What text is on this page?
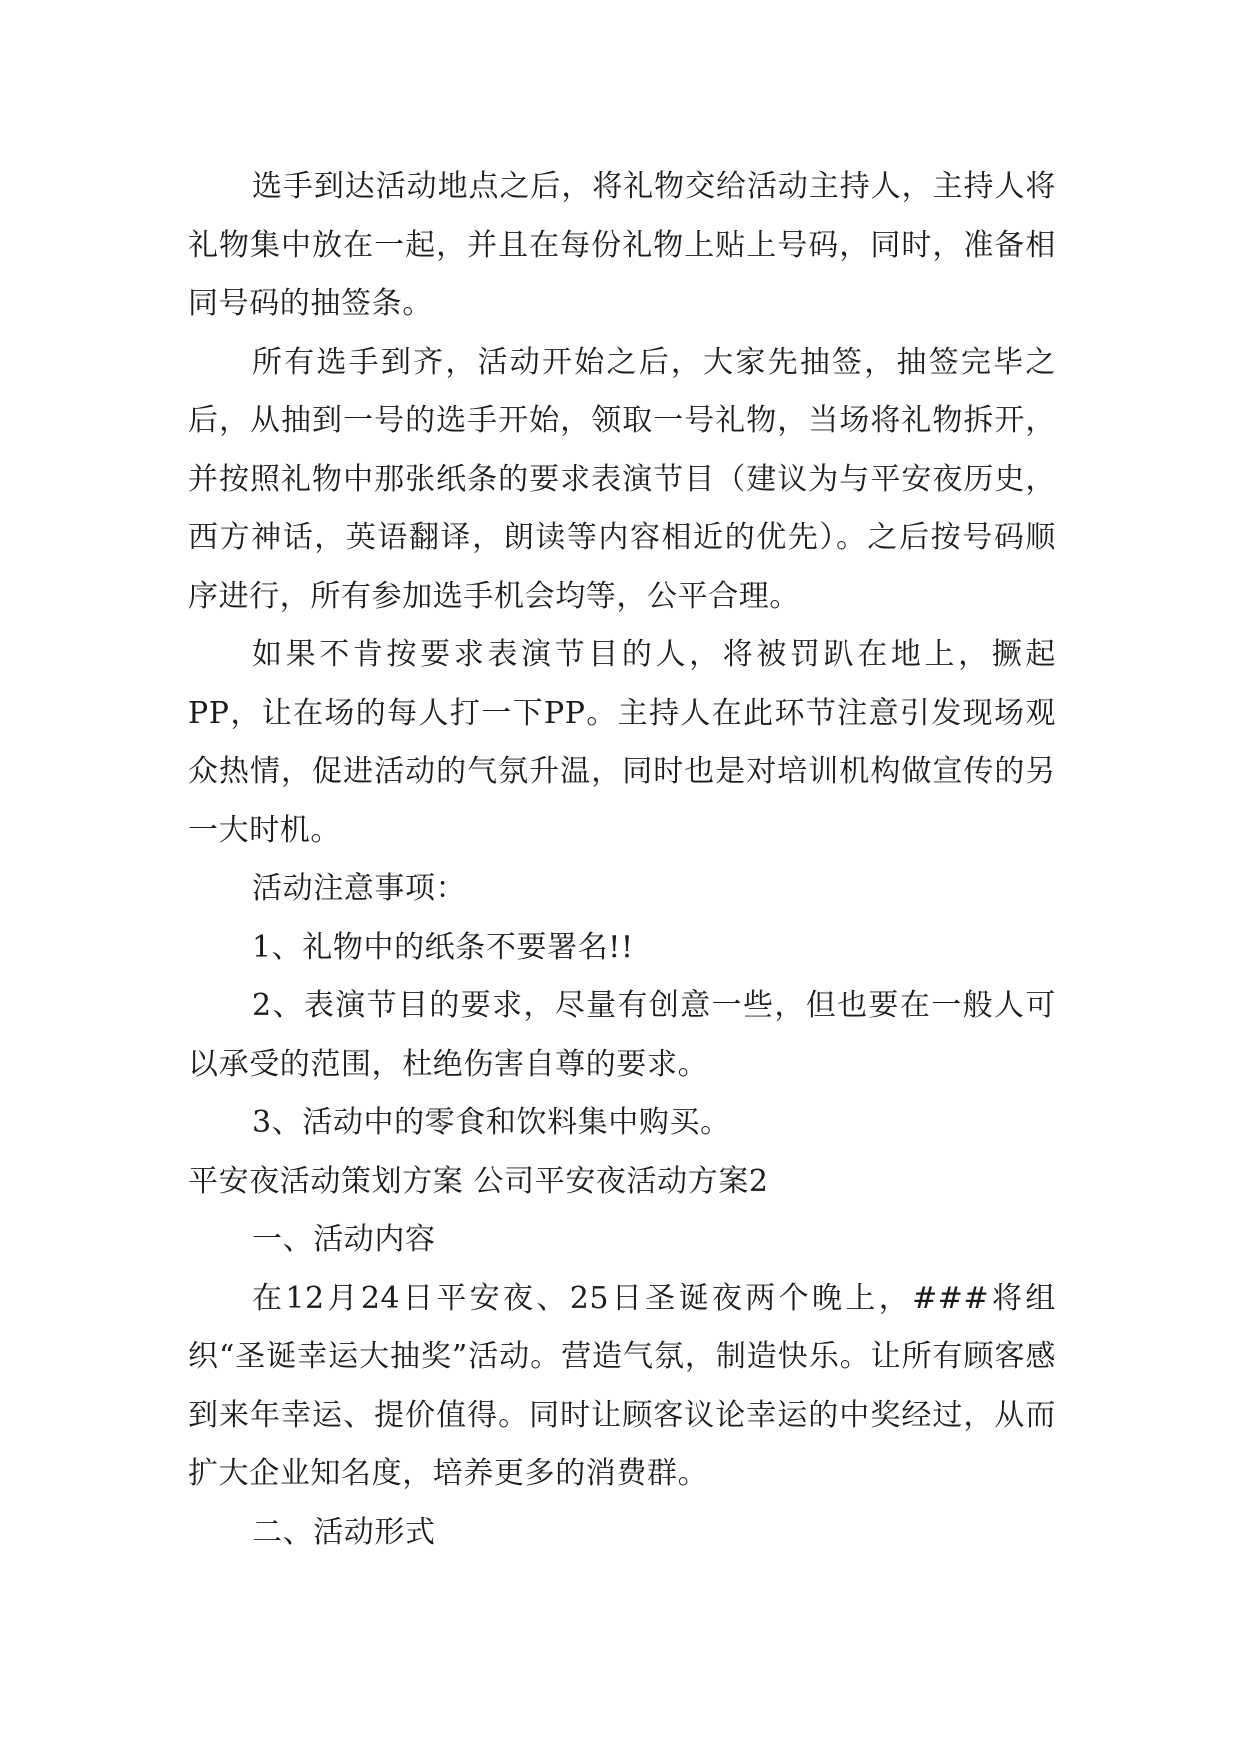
选手到达活动地点之后，将礼物交给活动主持人，主持人将礼物集中放在一起，并且在每份礼物上贴上号码，同时，准备相同号码的抽签条。

所有选手到齐，活动开始之后，大家先抽签，抽签完毕之后，从抽到一号的选手开始，领取一号礼物，当场将礼物拆开，并按照礼物中那张纸条的要求表演节目（建议为与平安夜历史，西方神话，英语翻译，朗读等内容相近的优先）。之后按号码顺序进行，所有参加选手机会均等，公平合理。

如果不肯按要求表演节目的人，将被罚趴在地上，撅起PP，让在场的每人打一下PP。主持人在此环节注意引发现场观众热情，促进活动的气氛升温，同时也是对培训机构做宣传的另一大时机。

活动注意事项：

1、礼物中的纸条不要署名!!

2、表演节目的要求，尽量有创意一些，但也要在一般人可以承受的范围，杜绝伤害自尊的要求。

3、活动中的零食和饮料集中购买。

平安夜活动策划方案 公司平安夜活动方案2

一、活动内容

在12月24日平安夜、25日圣诞夜两个晚上，###将组织“圣诞幸运大抽奖”活动。营造气氛，制造快乐。让所有顾客感到来年幸运、提价值得。同时让顾客议论幸运的中奖经过，从而扩大企业知名度，培养更多的消费群。

二、活动形式
